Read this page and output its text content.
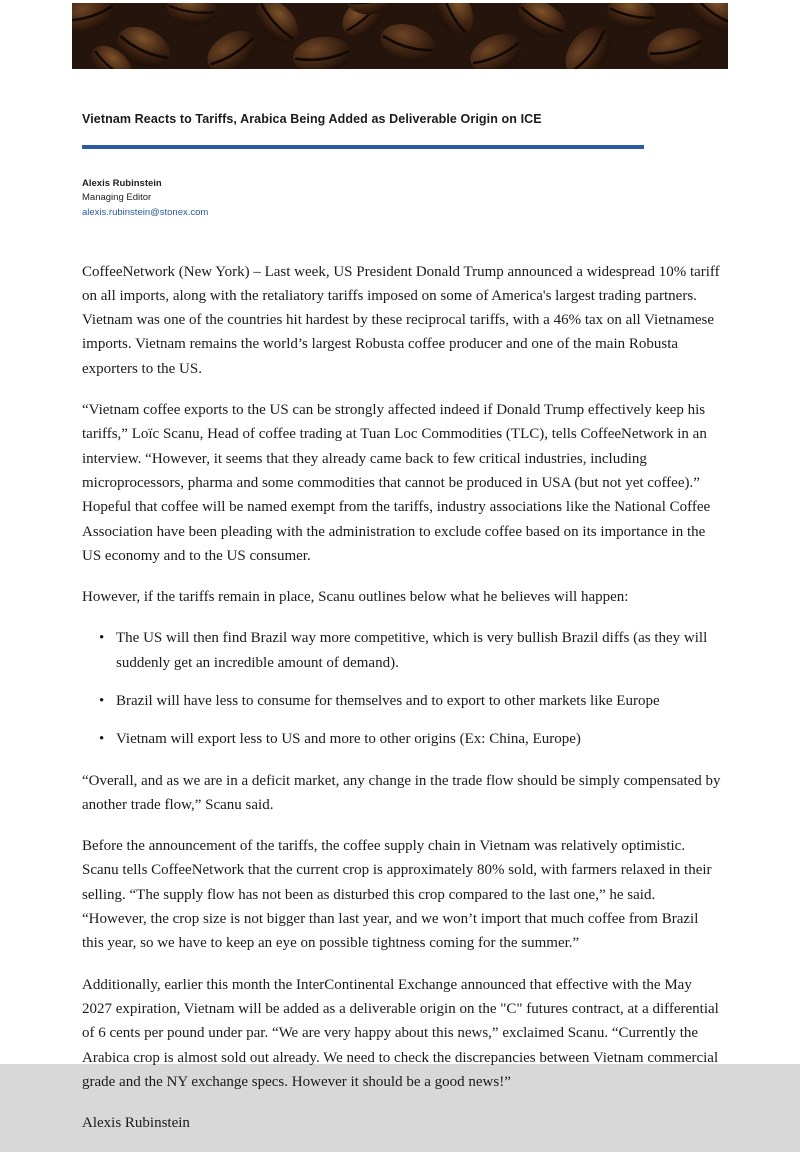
Vietnam Reacts to Tariffs, Arabica Being Added as Deliverable Origin on ICE
Alexis Rubinstein
Managing Editor
alexis.rubinstein@stonex.com

CoffeeNetwork (New York) – Last week, US President Donald Trump announced a widespread 10% tariff on all imports, along with the retaliatory tariffs imposed on some of America's largest trading partners. Vietnam was one of the countries hit hardest by these reciprocal tariffs, with a 46% tax on all Vietnamese imports. Vietnam remains the world’s largest Robusta coffee producer and one of the main Robusta exporters to the US.

“Vietnam coffee exports to the US can be strongly affected indeed if Donald Trump effectively keep his tariffs,” Loïc Scanu, Head of coffee trading at Tuan Loc Commodities (TLC), tells CoffeeNetwork in an interview. “However, it seems that they already came back to few critical industries, including microprocessors, pharma and some commodities that cannot be produced in USA (but not yet coffee).” Hopeful that coffee will be named exempt from the tariffs, industry associations like the National Coffee Association have been pleading with the administration to exclude coffee based on its importance in the US economy and to the US consumer.

However, if the tariffs remain in place, Scanu outlines below what he believes will happen:

• The US will then find Brazil way more competitive, which is very bullish Brazil diffs (as they will suddenly get an incredible amount of demand).
• Brazil will have less to consume for themselves and to export to other markets like Europe
• Vietnam will export less to US and more to other origins (Ex: China, Europe)

“Overall, and as we are in a deficit market, any change in the trade flow should be simply compensated by another trade flow,” Scanu said.

Before the announcement of the tariffs, the coffee supply chain in Vietnam was relatively optimistic. Scanu tells CoffeeNetwork that the current crop is approximately 80% sold, with farmers relaxed in their selling. “The supply flow has not been as disturbed this crop compared to the last one,” he said. “However, the crop size is not bigger than last year, and we won’t import that much coffee from Brazil this year, so we have to keep an eye on possible tightness coming for the summer.”

Additionally, earlier this month the InterContinental Exchange announced that effective with the May 2027 expiration, Vietnam will be added as a deliverable origin on the "C" futures contract, at a differential of 6 cents per pound under par. “We are very happy about this news,” exclaimed Scanu. “Currently the Arabica crop is almost sold out already. We need to check the discrepancies between Vietnam commercial grade and the NY exchange specs. However it should be a good news!”

Alexis Rubinstein
